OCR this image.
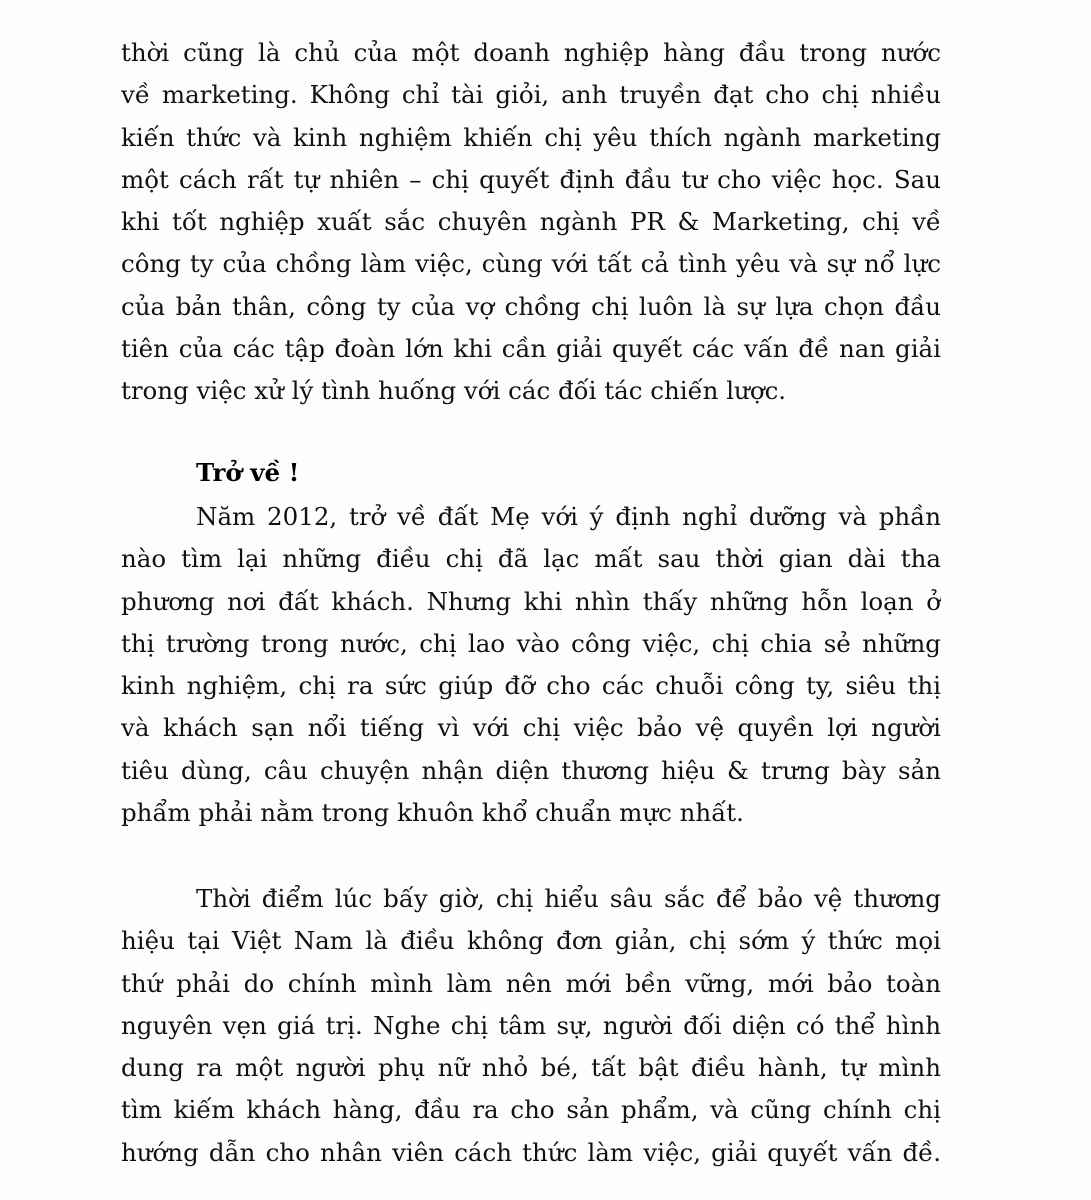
thời cũng là chủ của một doanh nghiệp hàng đầu trong nước
về marketing. Không chỉ tài giỏi, anh truyền đạt cho chị nhiều
kiến thức và kinh nghiệm khiến chị yêu thích ngành marketing
một cách rất tự nhiên – chị quyết định đầu tư cho việc học. Sau
khi tốt nghiệp xuất sắc chuyên ngành PR & Marketing, chị về
công ty của chồng làm việc, cùng với tất cả tình yêu và sự nổ lực
của bản thân, công ty của vợ chồng chị luôn là sự lựa chọn đầu
tiên của các tập đoàn lớn khi cần giải quyết các vấn đề nan giải
trong việc xử lý tình huống với các đối tác chiến lược.
Trở về !
Năm 2012, trở về đất Mẹ với ý định nghỉ dưỡng và phần
nào tìm lại những điều chị đã lạc mất sau thời gian dài tha
phương nơi đất khách. Nhưng khi nhìn thấy những hỗn loạn ở
thị trường trong nước, chị lao vào công việc, chị chia sẻ những
kinh nghiệm, chị ra sức giúp đỡ cho các chuỗi công ty, siêu thị
và khách sạn nổi tiếng vì với chị việc bảo vệ quyền lợi người
tiêu dùng, câu chuyện nhận diện thương hiệu & trưng bày sản
phẩm phải nằm trong khuôn khổ chuẩn mực nhất.
Thời điểm lúc bấy giờ, chị hiểu sâu sắc để bảo vệ thương
hiệu tại Việt Nam là điều không đơn giản, chị sớm ý thức mọi
thứ phải do chính mình làm nên mới bền vững, mới bảo toàn
nguyên vẹn giá trị. Nghe chị tâm sự, người đối diện có thể hình
dung ra một người phụ nữ nhỏ bé, tất bật điều hành, tự mình
tìm kiếm khách hàng, đầu ra cho sản phẩm, và cũng chính chị
hướng dẫn cho nhân viên cách thức làm việc, giải quyết vấn đề.
